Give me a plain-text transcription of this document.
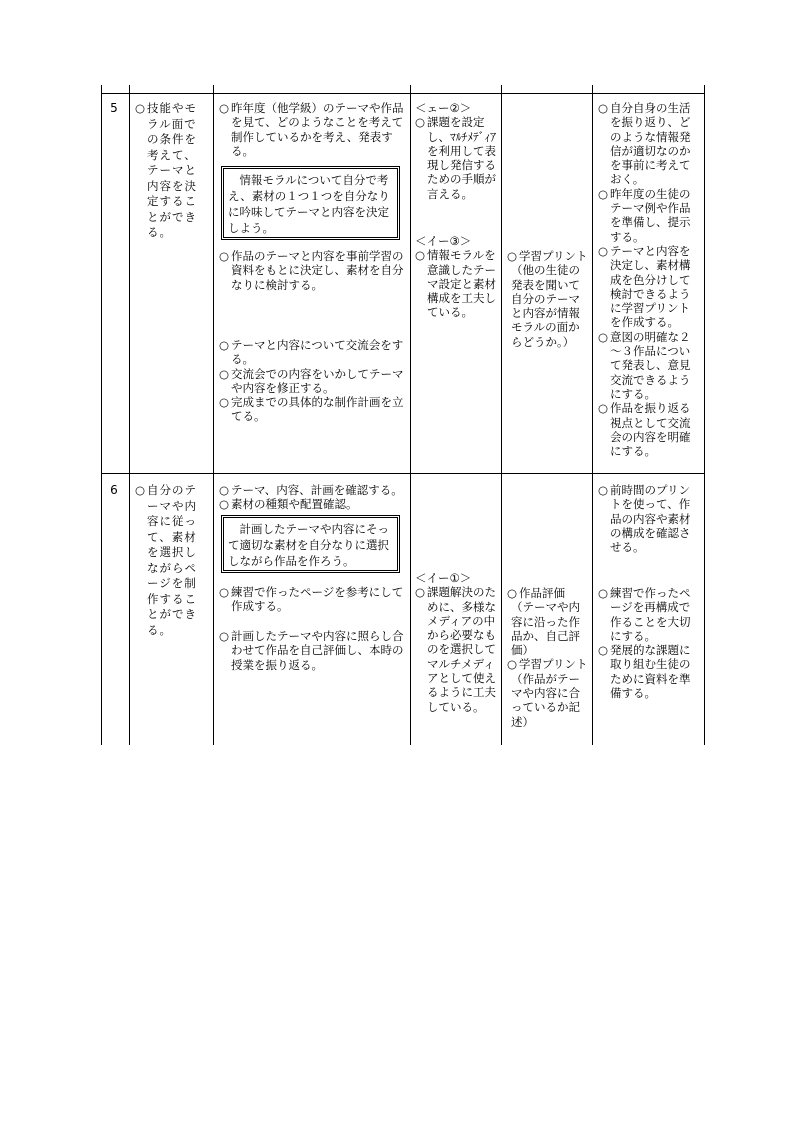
5 ○ 技能やモラル面での条件を考えて、テーマと内容を決定することができる。
○ 昨年度（他学級）のテーマや作品を見て、どのようなことを考えて制作しているかを考え、発表する。
情報モラルについて自分で考え、素材の１つ１つを自分なりに吟味してテーマと内容を決定しよう。
○ 作品のテーマと内容を事前学習の資料をもとに決定し、素材を自分なりに検討する。
○ テーマと内容について交流会をする。
○ 交流会での内容をいかしてテーマや内容を修正する。
○ 完成までの具体的な制作計画を立てる。
＜ェー②＞
○ 課題を設定し、ﾏﾙﾁﾒﾃﾞｨｱを利用して表現し発信するための手順が言える。
＜イー③＞
○ 情報モラルを意識したテーマ設定と素材構成を工夫している。
○ 学習プリント
（他の生徒の発表を聞いて自分のテーマと内容が情報モラルの面からどうか。）
○ 自分自身の生活を振り返り、どのような情報発信が適切なのかを事前に考えておく。
○ 昨年度の生徒のテーマ例や作品を準備し、提示する。
○ テーマと内容を決定し、素材構成を色分けして検討できるように学習プリントを作成する。
○ 意図の明確な２～３作品について発表し、意見交流できるようにする。
○ 作品を振り返る視点として交流会の内容を明確にする。
6 ○ 自分のテーマや内容に従って、素材を選択しながらページを制作することができる。
○ テーマ、内容、計画を確認する。
○ 素材の種類や配置確認。
計画したテーマや内容にそって適切な素材を自分なりに選択しながら作品を作ろう。
○ 練習で作ったページを参考にして作成する。
○ 計画したテーマや内容に照らし合わせて作品を自己評価し、本時の授業を振り返る。
＜イー①＞
○ 課題解決のために、多様なメディアの中から必要なものを選択してマルチメディアとして使えるように工夫している。
○ 作品評価
（テーマや内容に沿った作品か、自己評価）
○ 学習プリント
（作品がテーマや内容に合っているか記述）
○ 前時間のプリントを使って、作品の内容や素材の構成を確認させる。
○ 練習で作ったページを再構成で作ることを大切にする。
○ 発展的な課題に取り組む生徒のために資料を準備する。
